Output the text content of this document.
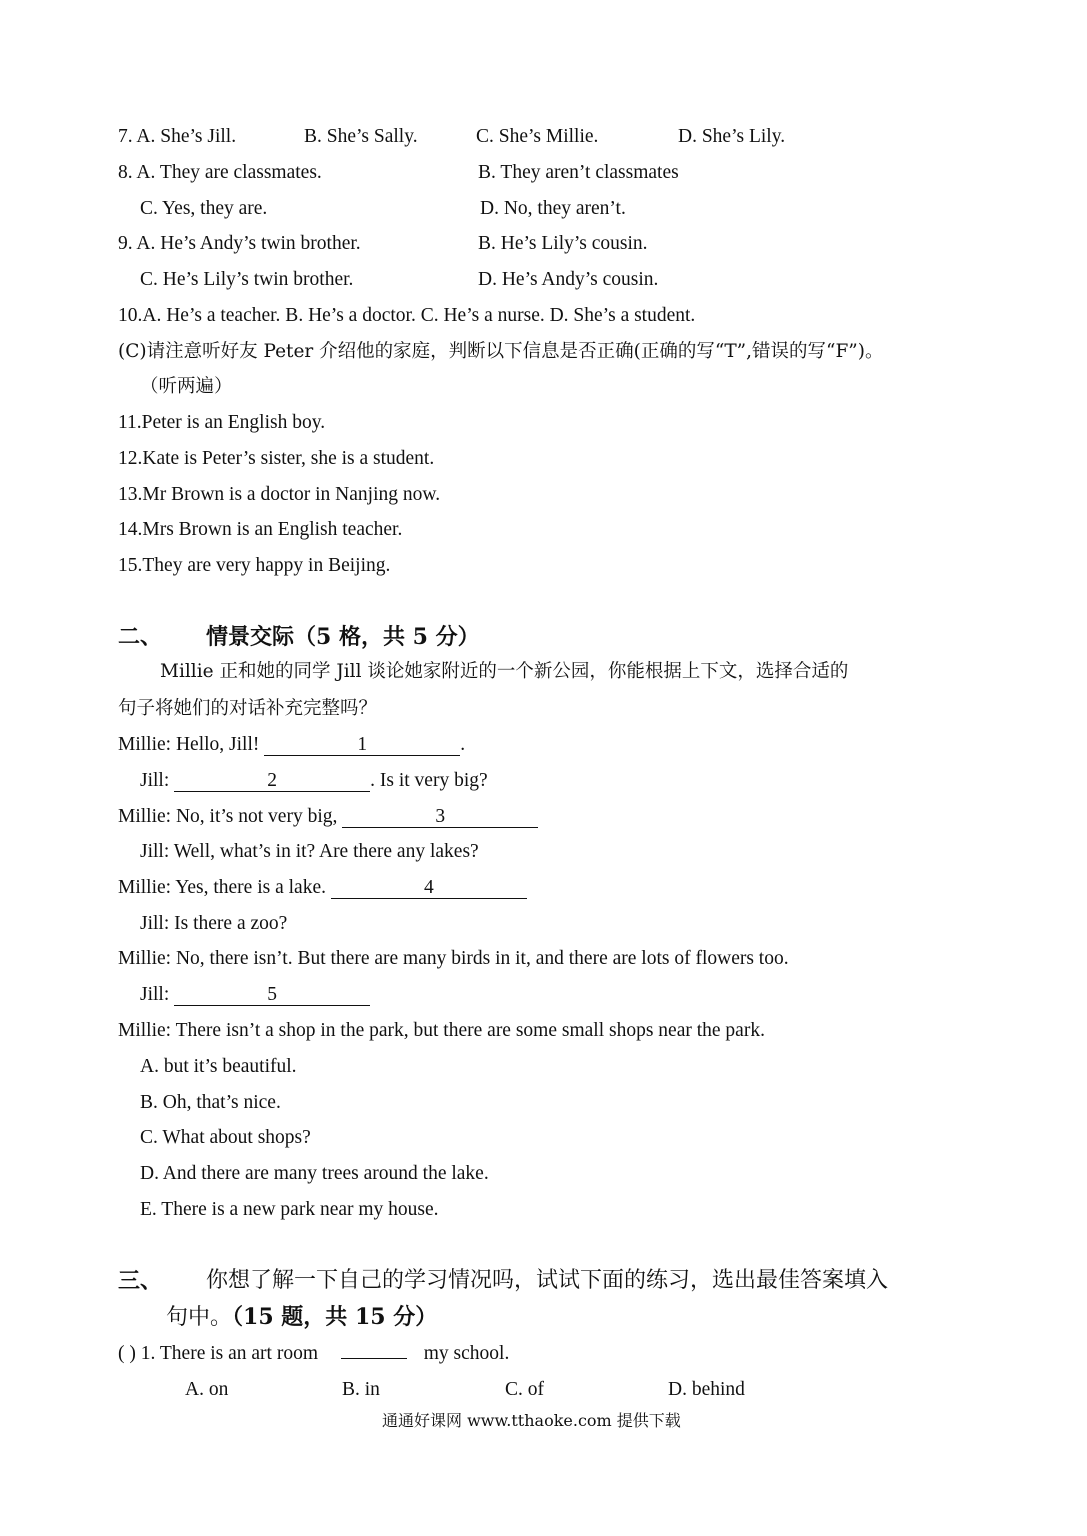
7. A. She’s Jill.	B. She’s Sally.	C. She’s Millie.	D. She’s Lily.
8. A. They are classmates.	B. They aren’t classmates
C. Yes, they are.	D. No, they aren’t.
9. A. He’s Andy’s twin brother.	B. He’s Lily’s cousin.
C. He’s Lily’s twin brother.	D. He’s Andy’s cousin.
10.A. He’s a teacher. B. He’s a doctor. C. He’s a nurse. D. She’s a student.
(C)请注意听好友 Peter 介绍他的家庭，判断以下信息是否正确(正确的写“T”,错误的写“F”)。
（听两遍）
11.Peter is an English boy.
12.Kate is Peter’s sister, she is a student.
13.Mr Brown is a doctor in Nanjing now.
14.Mrs Brown is an English teacher.
15.They are very happy in Beijing.
二、 情景交际（5 格，共 5 分）
Millie 正和她的同学 Jill 谈论她家附近的一个新公园，你能根据上下文，选择合适的
句子将她们的对话补充完整吗？
Millie: Hello, Jill!	1	.
Jill:	2	. Is it very big?
Millie: No, it’s not very big,	3
Jill: Well, what’s in it? Are there any lakes?
Millie: Yes, there is a lake.	4
Jill: Is there a zoo?
Millie: No, there isn’t. But there are many birds in it, and there are lots of flowers too.
Jill:	5
Millie: There isn’t a shop in the park, but there are some small shops near the park.
A. but it’s beautiful.
B. Oh, that’s nice.
C. What about shops?
D. And there are many trees around the lake.
E. There is a new park near my house.
三、 你想了解一下自己的学习情况吗，试试下面的练习，选出最佳答案填入
句中。（15 题，共 15 分）
( ) 1. There is an art room	my school.
A. on	B. in	C. of	D. behind
通通好课网 www.tthaoke.com 提供下载
